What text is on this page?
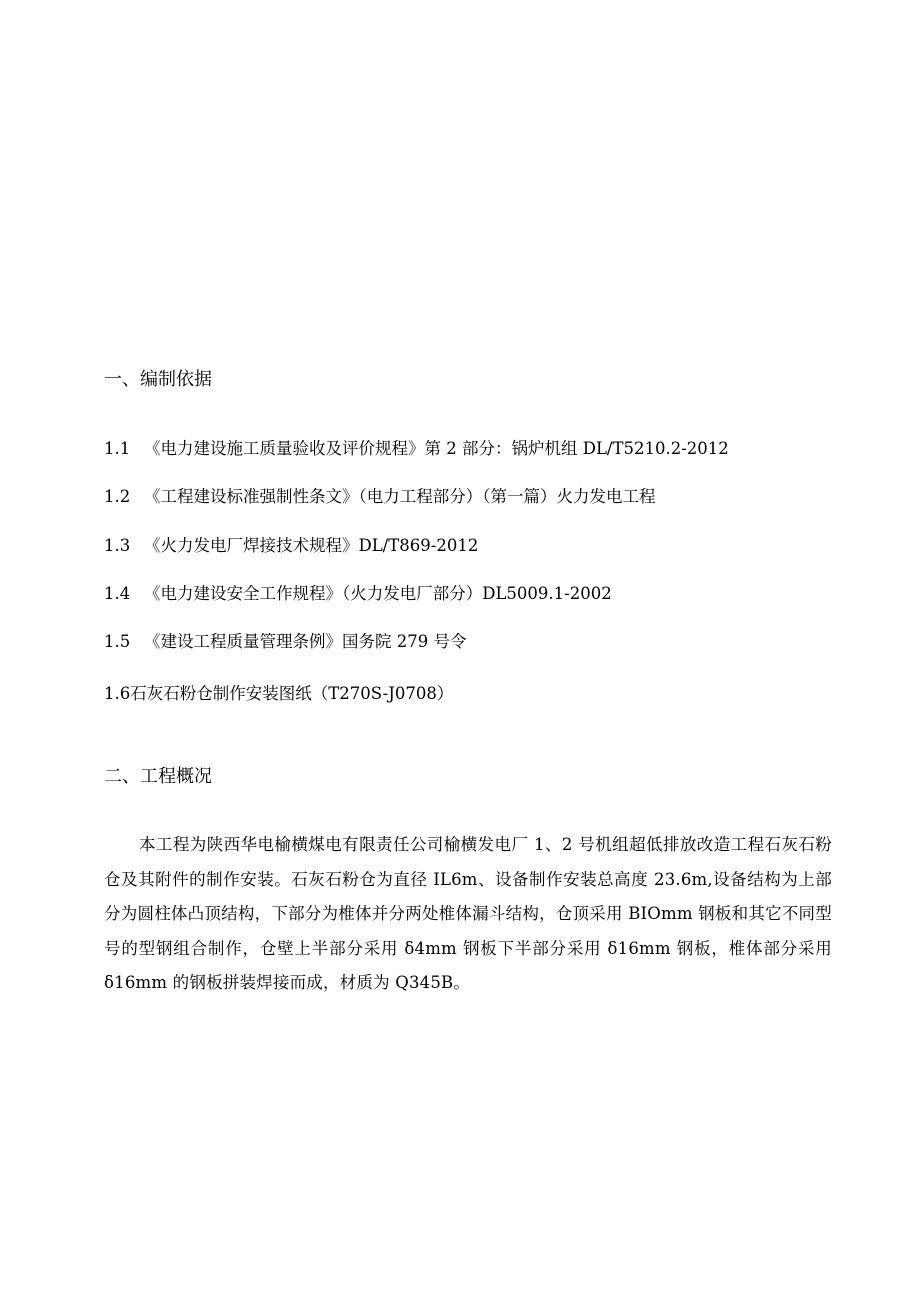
一、编制依据
1.1 《电力建设施工质量验收及评价规程》第 2 部分：锅炉机组 DL/T5210.2-2012
1.2 《工程建设标准强制性条文》（电力工程部分）（第一篇）火力发电工程
1.3 《火力发电厂焊接技术规程》DL/T869-2012
1.4 《电力建设安全工作规程》（火力发电厂部分）DL5009.1-2002
1.5 《建设工程质量管理条例》国务院 279 号令
1.6石灰石粉仓制作安装图纸（T270S-J0708）
二、工程概况
本工程为陕西华电榆横煤电有限责任公司榆横发电厂 1、2 号机组超低排放改造工程石灰石粉仓及其附件的制作安装。石灰石粉仓为直径 IL6m、设备制作安装总高度 23.6m,设备结构为上部分为圆柱体凸顶结构，下部分为椎体并分两处椎体漏斗结构，仓顶采用 BIOmm 钢板和其它不同型号的型钢组合制作，仓壁上半部分采用 δ4mm 钢板下半部分采用 δ16mm 钢板，椎体部分采用 δ16mm 的钢板拼装焊接而成，材质为 Q345B。
